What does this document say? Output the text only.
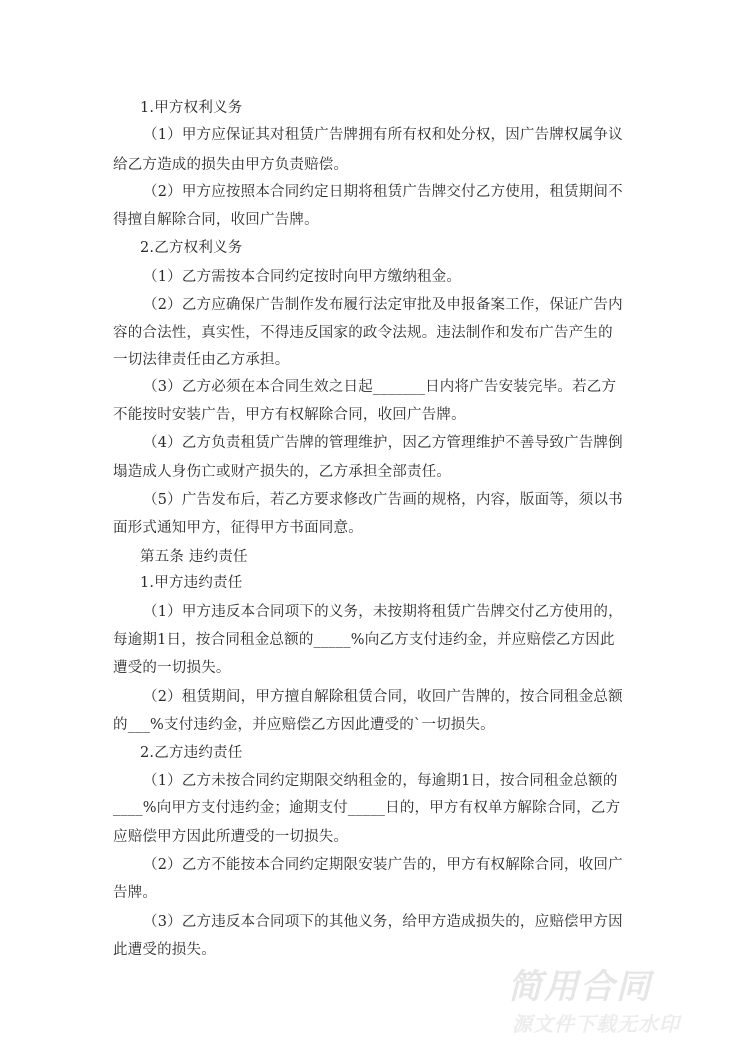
简用合同
源文件下载无水印
1.甲方权利义务
（1）甲方应保证其对租赁广告牌拥有所有权和处分权，因广告牌权属争议
给乙方造成的损失由甲方负责赔偿。
（2）甲方应按照本合同约定日期将租赁广告牌交付乙方使用，租赁期间不
得擅自解除合同，收回广告牌。
2.乙方权利义务
（1）乙方需按本合同约定按时向甲方缴纳租金。
（2）乙方应确保广告制作发布履行法定审批及申报备案工作，保证广告内
容的合法性，真实性，不得违反国家的政令法规。违法制作和发布广告产生的
一切法律责任由乙方承担。
（3）乙方必须在本合同生效之日起_______日内将广告安装完毕。若乙方
不能按时安装广告，甲方有权解除合同，收回广告牌。
（4）乙方负责租赁广告牌的管理维护，因乙方管理维护不善导致广告牌倒
塌造成人身伤亡或财产损失的，乙方承担全部责任。
（5）广告发布后，若乙方要求修改广告画的规格，内容，版面等，须以书
面形式通知甲方，征得甲方书面同意。
第五条 违约责任
1.甲方违约责任
（1）甲方违反本合同项下的义务，未按期将租赁广告牌交付乙方使用的，
每逾期1日，按合同租金总额的_____%向乙方支付违约金，并应赔偿乙方因此
遭受的一切损失。
（2）租赁期间，甲方擅自解除租赁合同，收回广告牌的，按合同租金总额
的___%支付违约金，并应赔偿乙方因此遭受的`一切损失。
2.乙方违约责任
（1）乙方未按合同约定期限交纳租金的，每逾期1日，按合同租金总额的
____%向甲方支付违约金；逾期支付_____日的，甲方有权单方解除合同，乙方
应赔偿甲方因此所遭受的一切损失。
（2）乙方不能按本合同约定期限安装广告的，甲方有权解除合同，收回广
告牌。
（3）乙方违反本合同项下的其他义务，给甲方造成损失的，应赔偿甲方因
此遭受的损失。
